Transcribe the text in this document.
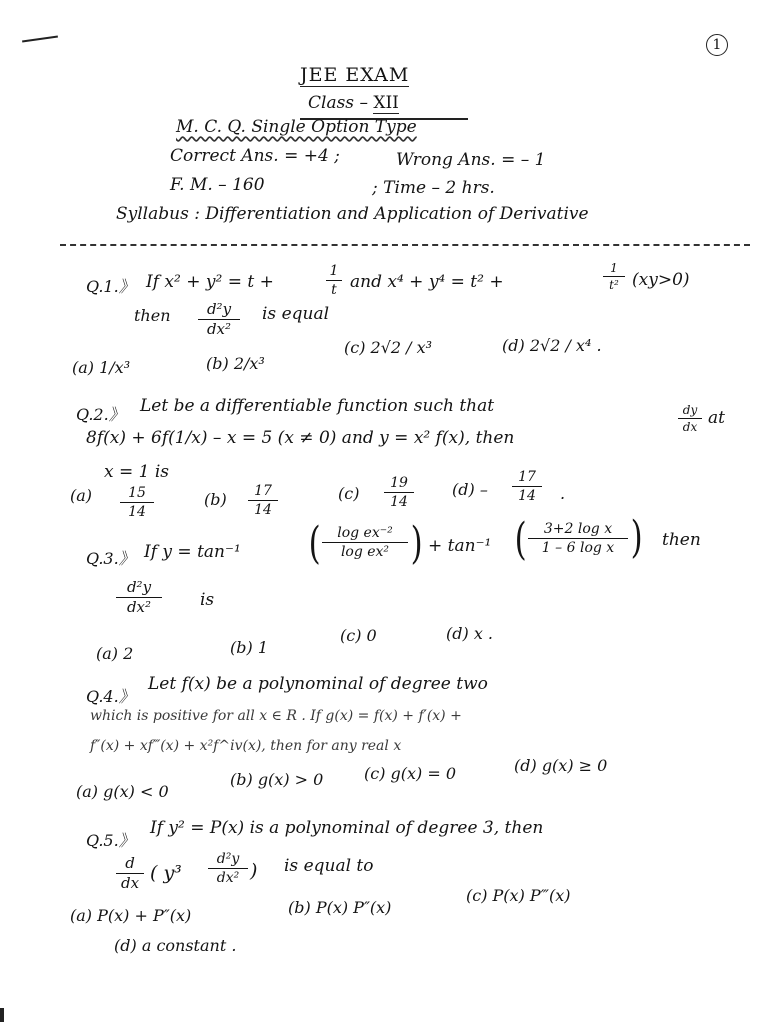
1
JEE EXAM
Class – XII
M. C. Q. Single Option Type
Correct Ans. = +4 ;	Wrong Ans. = – 1
F. M. – 160	; Time – 2 hrs.
Syllabus : Differentiation and Application of Derivative
Q.1.》 If x² + y² = t +
1
t and x⁴ + y⁴ = t² +
1
t² (xy>0)
then	d²y
dx²
is equal
(a) 1/x³	(b) 2/x³
(c) 2√2 / x³	(d) 2√2 / x⁴ .
Q.2.》 Let be a differentiable function such that
8f(x) + 6f(1/x) – x = 5 (x ≠ 0) and y = x² f(x), then
dy
dx at
x = 1 is
(a)	15
14
(b)	17
14
(c)
19
14
(d) –
17
14	.
Q.3.》 If y = tan⁻¹ (	log ex⁻²
log ex² ) + tan⁻¹ (	3+2 log x
1 – 6 log x ) then
d²y
dx²	is
(a) 2	(b) 1
(c) 0	(d) x .
Q.4.》
Let f(x) be a polynominal of degree two
which is positive for all x ∈ R . If g(x) = f(x) + f′(x) +
f″(x) + xf‴(x) + x²f^iv(x), then for any real x
(a) g(x) < 0
(b) g(x) > 0	(c) g(x) = 0	(d) g(x) ≥ 0
Q.5.》
If y² = P(x) is a polynominal of degree 3, then
d
dx ( y³
d²y
dx² ) is equal to
(a) P(x) + P″(x)	(b) P(x) P″(x)
(c) P(x) P‴(x)
(d) a constant .
